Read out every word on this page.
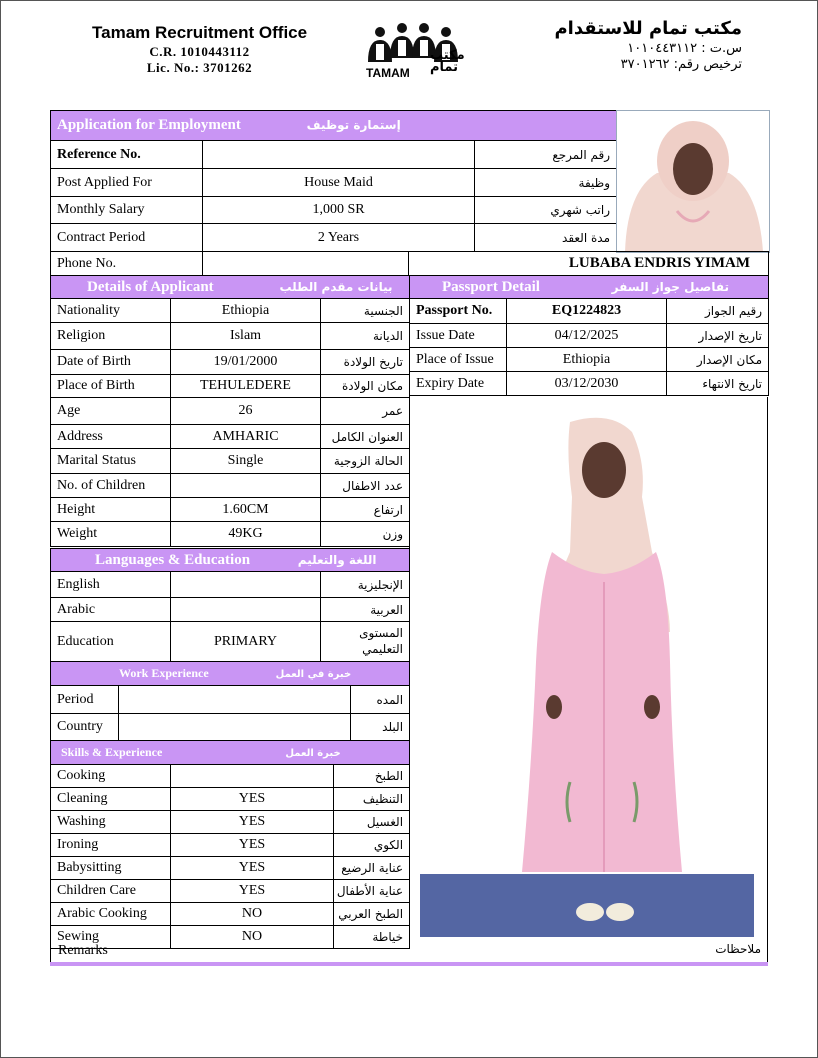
Tamam Recruitment Office
C.R. 1010443112
Lic. No.: 3701262	TAMAM
مكتب تمام
مكتب تمام للاستقدام
س.ت : ١٠١٠٤٤٣١١٢
ترخيص رقم: ٣٧٠١٢٦٢
Application for Employment إستمارة توظيف		
Reference No.		رقم المرجع
Post Applied For	House Maid	وظيفة
Monthly Salary	1,000 SR	راتب شهري
Contract Period	2 Years	مدة العقد
Phone No.		LUBABA ENDRIS YIMAM
Details of Applicant بيانات مقدم الطلب		
Nationality	Ethiopia	الجنسية
Religion	Islam	الديانة
Date of Birth	19/01/2000	تاريخ الولادة
Place of Birth	TEHULEDERE	مكان الولادة
Age	26	عمر
Address	AMHARIC	العنوان الكامل
Marital Status	Single	الحالة الزوجية
No. of Children		عدد الاطفال
Height	1.60CM	ارتفاع
Weight	49KG	وزن
Passport Detail تفاصيل جواز السفر		
Passport No.	EQ1224823	رقيم الجواز
Issue Date	04/12/2025	تاريخ الإصدار
Place of Issue	Ethiopia	مكان الإصدار
Expiry Date	03/12/2030	تاريخ الانتهاء
Languages & Education اللغة والتعليم		
English		الإنجليزية
Arabic		العربية
Education	PRIMARY	المستوى التعليمي
Work Experience خبرة في العمل		
Period		المده
Country		البلد
Skills & Experience خبرة العمل		
Cooking		الطبخ
Cleaning	YES	التنظيف
Washing	YES	الغسيل
Ironing	YES	الكوي
Babysitting	YES	عناية الرضيع
Children Care	YES	عناية الأطفال
Arabic Cooking	NO	الطبخ العربي
Sewing	NO	خياطة
Remarks	ملاحظات
